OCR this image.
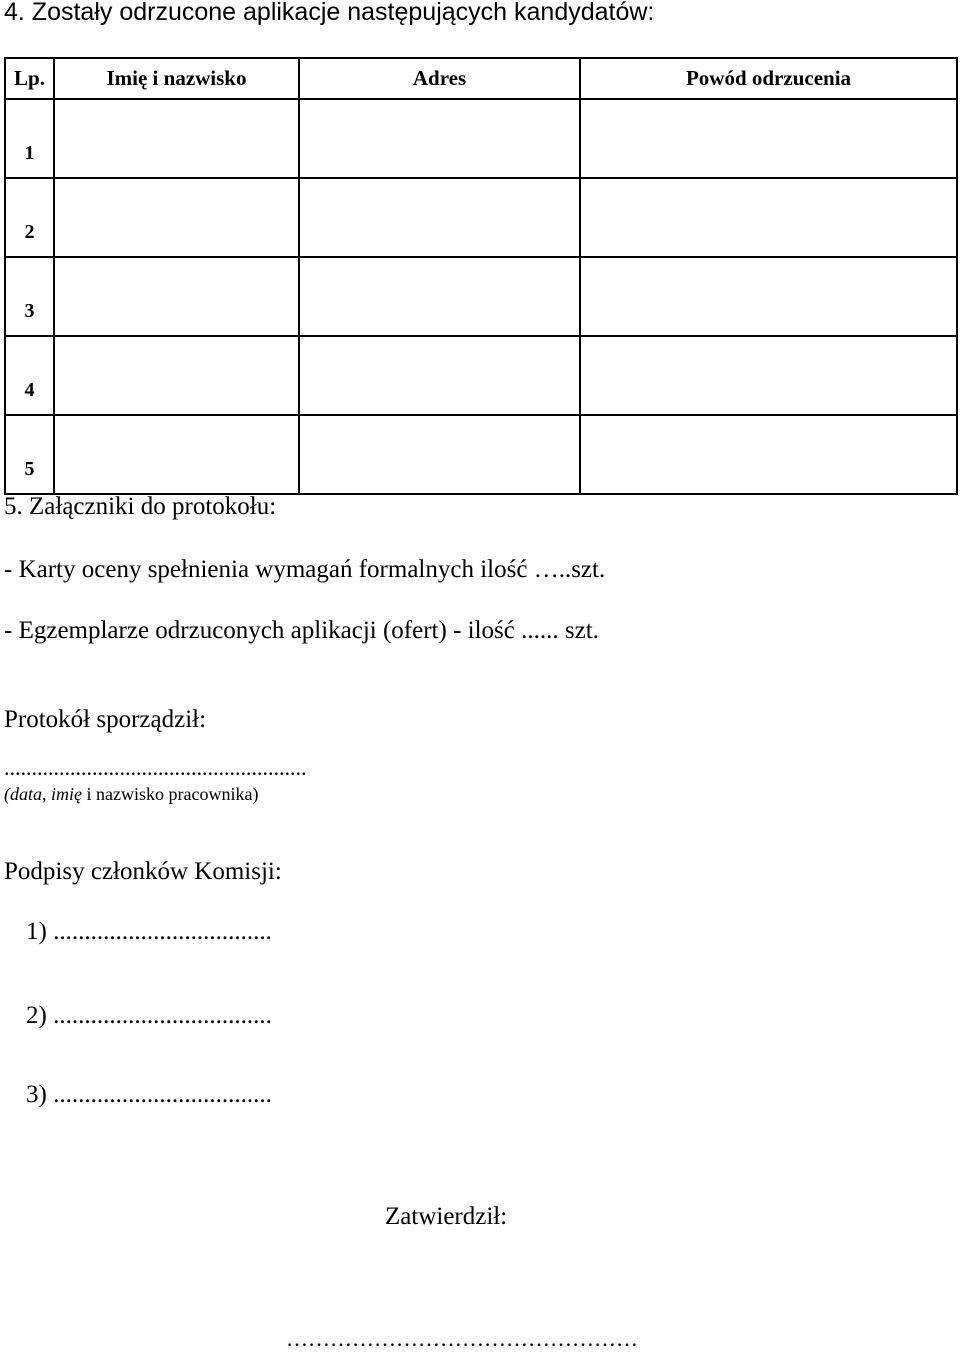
4. Zostały odrzucone aplikacje następujących kandydatów:
Lp.	Imię i nazwisko	Adres	Powód odrzucenia
1			
2			
3			
4			
5			
5. Załączniki do protokołu:
- Karty oceny spełnienia wymagań formalnych ilość …..szt.
- Egzemplarze odrzuconych aplikacji (ofert) - ilość ...... szt.
Protokół sporządził:
.......................................................
(data, imię i nazwisko pracownika)
Podpisy członków Komisji:
1) ...................................
2) ...................................
3) ...................................
Zatwierdził:
…………………………………………
